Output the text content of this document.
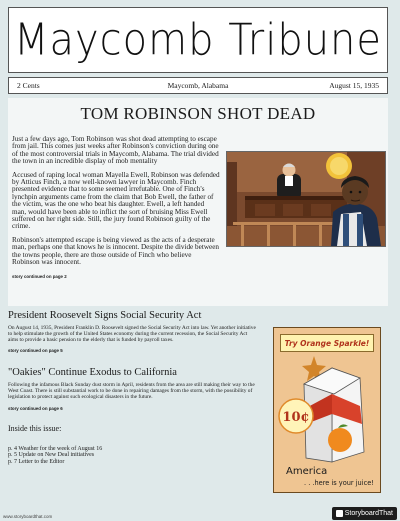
Maycomb Tribune
2 Cents	Maycomb, Alabama	August 15, 1935
TOM ROBINSON SHOT DEAD

Just a few days ago, Tom Robinson was shot dead attempting to escape from jail. This comes just weeks after Robinson's conviction during one of the most controversial trials in Maycomb, Alabama. The trial divided the town in an incredible display of mob mentality

Accused of raping local woman Mayella Ewell, Robinson was defended by Atticus Finch, a now well-known lawyer in Maycomb. Finch presented evidence that to some seemed irrefutable. One of Finch's lynchpin arguments came from the claim that Bob Ewell, the father of the victim, was the one who beat his daughter. Ewell, a left handed man, would have been able to inflict the sort of bruising Miss Ewell suffered on her right side. Still, the jury found Robinson guilty of the crime.

Robinson's attempted escape is being viewed as the acts of a desperate man, perhaps one that knows he is innocent. Despite the divide between the towns people, there are those outside of Finch who believe Robinson was innocent.

story continued on page 2
President Roosevelt Signs Social Security Act

On August 14, 1935, President Franklin D. Roosevelt signed the Social Security Act into law. Yet another initiative to help stimulate the growth of the United States economy during the current recession, the Social Security Act aims to provide a basic pension to the elderly that is funded by payroll taxes.

story continued on page 5
"Oakies" Continue Exodus to California

Following the infamous Black Sunday dust storm in April, residents from the area are still making their way to the West Coast. There is still substantial work to be done in repairing damages from the storm, with the possibility of legislation to protect against such ecological disasters in the future.

story continued on page 6
Inside this issue:
p. 4 Weather for the week of August 16
p. 5 Update on New Deal initiatives
p. 7 Letter to the Editor
Try Orange Sparkle!
10¢
America
. . .here is your juice!
www.storyboardthat.com	StoryboardThat
